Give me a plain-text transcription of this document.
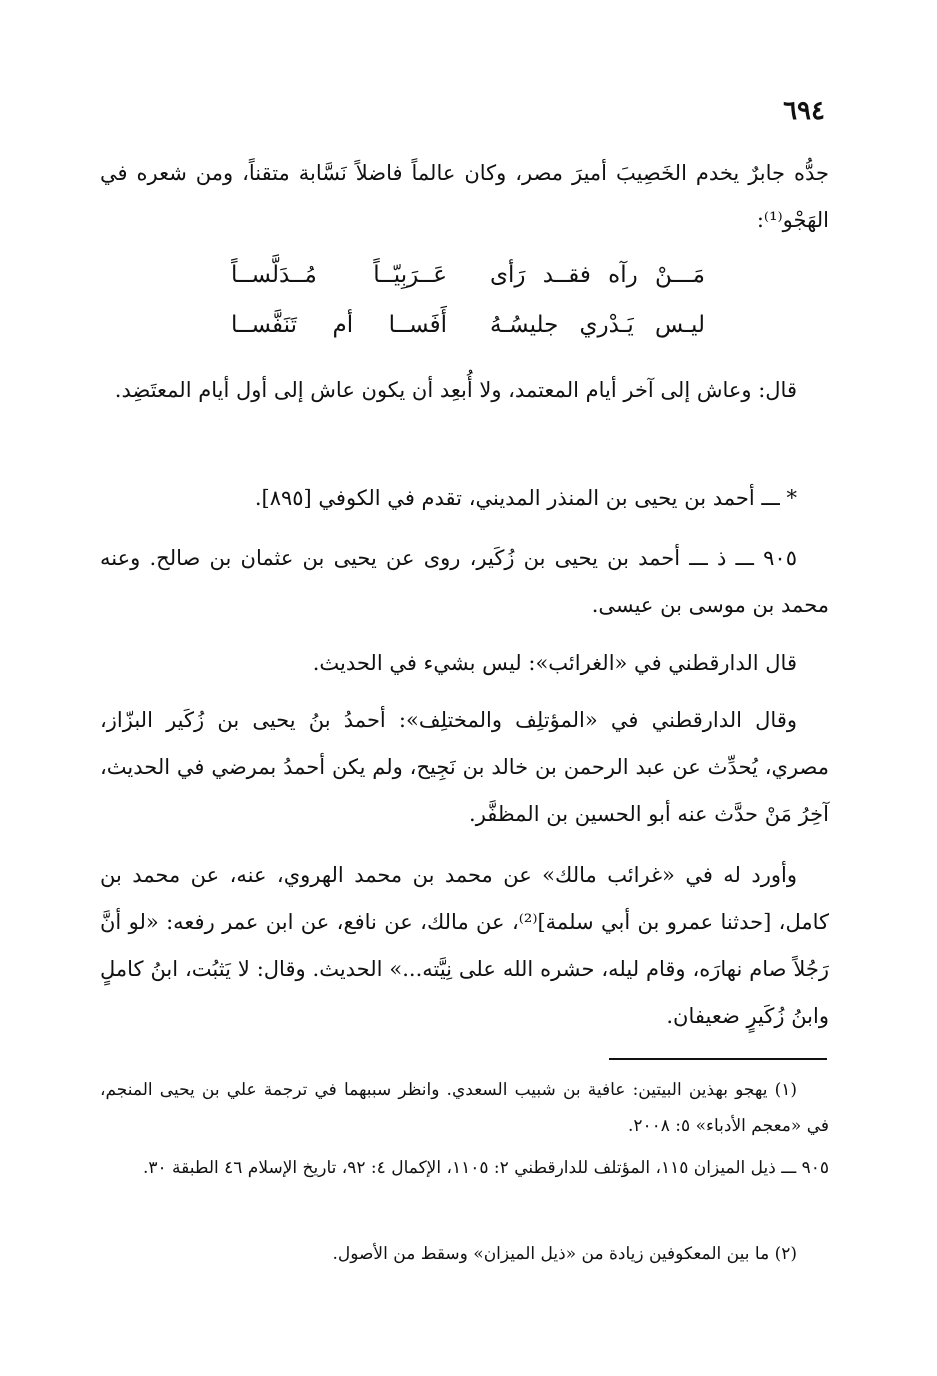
٦٩٤

جدُّه جابرٌ يخدم الخَصِيبَ أميرَ مصر، وكان عالماً فاضلاً نَسَّابة متقناً، ومن شعره في الهَجْو⁽¹⁾:

مَـــنْ رآه فقــد رَأى
عَــرَبِيّــاً مُــدَلَّســاً
ليـس يَـدْري جليسُـهُ
أَفَســا أم تَنَفَّســا

قال: وعاش إلى آخر أيام المعتمد، ولا أُبعِد أن يكون عاش إلى أول أيام المعتَضِد.

* ـــ أحمد بن يحيى بن المنذر المديني، تقدم في الكوفي [٨٩٥].

٩٠٥ ـــ ذ ـــ أحمد بن يحيى بن زُكَير، روى عن يحيى بن عثمان بن صالح. وعنه محمد بن موسى بن عيسى.

قال الدارقطني في «الغرائب»: ليس بشيء في الحديث.

وقال الدارقطني في «المؤتلِف والمختلِف»: أحمدُ بنُ يحيى بن زُكَير البزّاز، مصري، يُحدِّث عن عبد الرحمن بن خالد بن نَجِيح، ولم يكن أحمدُ بمرضي في الحديث، آخِرُ مَنْ حدَّث عنه أبو الحسين بن المظفَّر.

وأورد له في «غرائب مالك» عن محمد بن محمد الهروي، عنه، عن محمد بن كامل، [حدثنا عمرو بن أبي سلمة]⁽²⁾، عن مالك، عن نافع، عن ابن عمر رفعه: «لو أنَّ رَجُلاً صام نهارَه، وقام ليله، حشره الله على نِيَّته...» الحديث. وقال: لا يَثبُت، ابنُ كاملٍ وابنُ زُكَيرٍ ضعيفان.

(١) يهجو بهذين البيتين: عافية بن شبيب السعدي. وانظر سببهما في ترجمة علي بن يحيى المنجم، في «معجم الأدباء» ٥: ٢٠٠٨.

٩٠٥ ـــ ذيل الميزان ١١٥، المؤتلف للدارقطني ٢: ١١٠٥، الإكمال ٤: ٩٢، تاريخ الإسلام ٤٦ الطبقة ٣٠.

(٢) ما بين المعكوفين زيادة من «ذيل الميزان» وسقط من الأصول.
